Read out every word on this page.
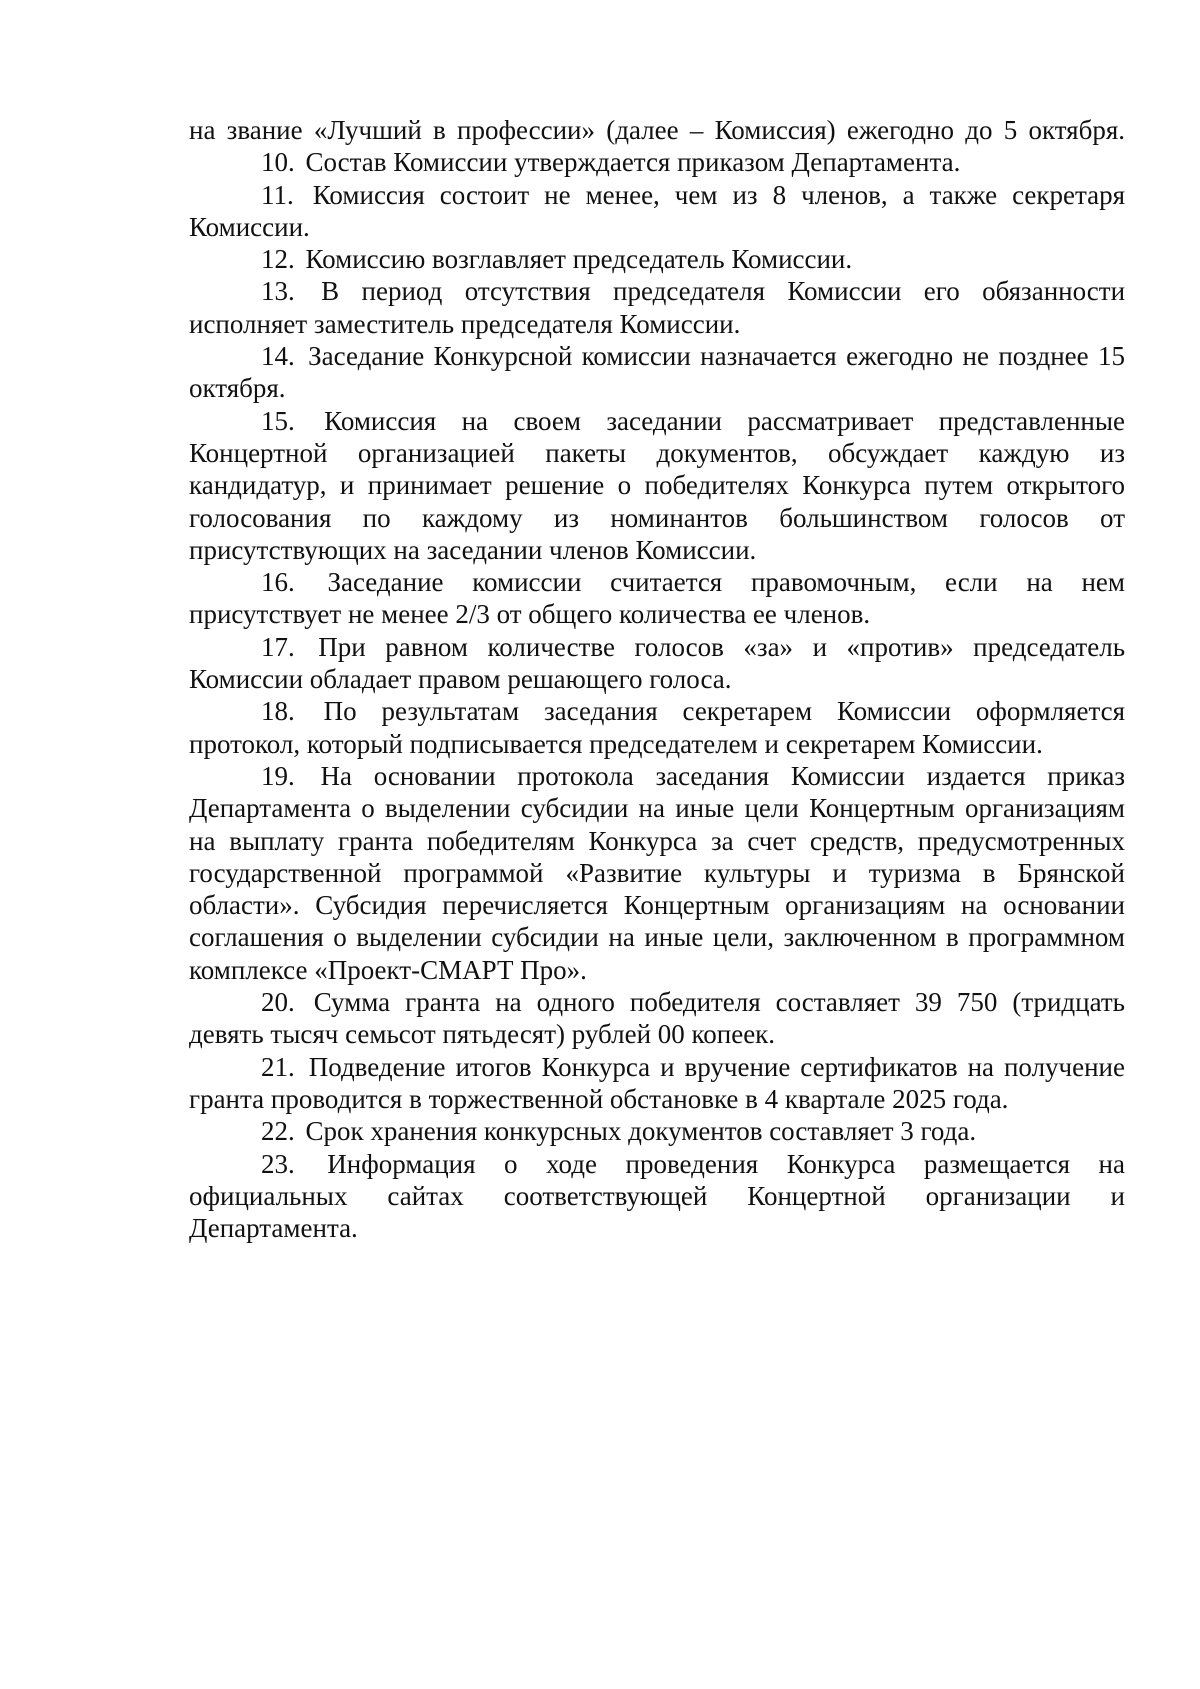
на звание «Лучший в профессии» (далее – Комиссия) ежегодно до 5 октября.

10. Состав Комиссии утверждается приказом Департамента.

11. Комиссия состоит не менее, чем из 8 членов, а также секретаря Комиссии.

12. Комиссию возглавляет председатель Комиссии.

13. В период отсутствия председателя Комиссии его обязанности исполняет заместитель председателя Комиссии.

14. Заседание Конкурсной комиссии назначается ежегодно не позднее 15 октября.

15. Комиссия на своем заседании рассматривает представленные Концертной организацией пакеты документов, обсуждает каждую из кандидатур, и принимает решение о победителях Конкурса путем открытого голосования по каждому из номинантов большинством голосов от присутствующих на заседании членов Комиссии.

16. Заседание комиссии считается правомочным, если на нем присутствует не менее 2/3 от общего количества ее членов.

17. При равном количестве голосов «за» и «против» председатель Комиссии обладает правом решающего голоса.

18. По результатам заседания секретарем Комиссии оформляется протокол, который подписывается председателем и секретарем Комиссии.

19. На основании протокола заседания Комиссии издается приказ Департамента о выделении субсидии на иные цели Концертным организациям на выплату гранта победителям Конкурса за счет средств, предусмотренных государственной программой «Развитие культуры и туризма в Брянской области». Субсидия перечисляется Концертным организациям на основании соглашения о выделении субсидии на иные цели, заключенном в программном комплексе «Проект-СМАРТ Про».

20. Сумма гранта на одного победителя составляет 39 750 (тридцать девять тысяч семьсот пятьдесят) рублей 00 копеек.

21. Подведение итогов Конкурса и вручение сертификатов на получение гранта проводится в торжественной обстановке в 4 квартале 2025 года.

22. Срок хранения конкурсных документов составляет 3 года.

23. Информация о ходе проведения Конкурса размещается на официальных сайтах соответствующей Концертной организации и Департамента.
